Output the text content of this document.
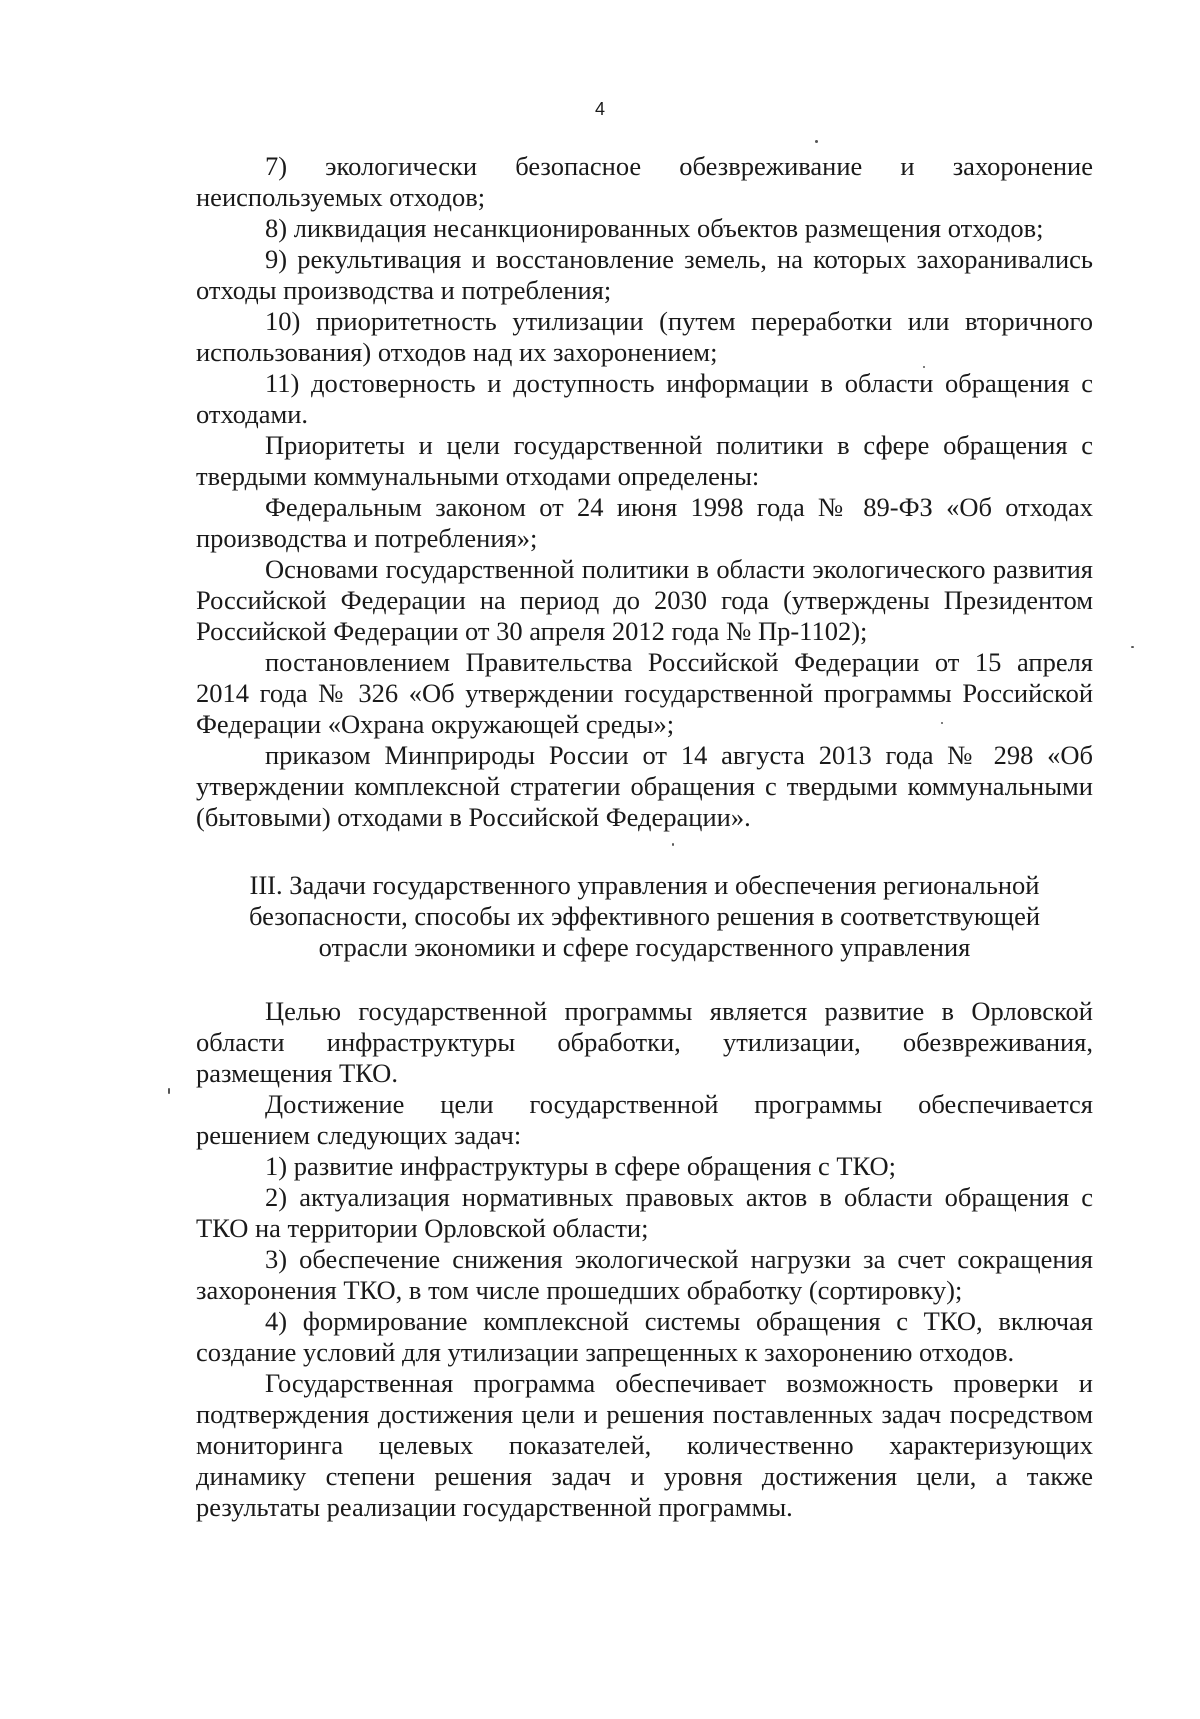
4

7) экологически безопасное обезвреживание и захоронение неиспользуемых отходов;

8) ликвидация несанкционированных объектов размещения отходов;

9) рекультивация и восстановление земель, на которых захоранивались отходы производства и потребления;

10) приоритетность утилизации (путем переработки или вторичного использования) отходов над их захоронением;

11) достоверность и доступность информации в области обращения с отходами.

Приоритеты и цели государственной политики в сфере обращения с твердыми коммунальными отходами определены:

Федеральным законом от 24 июня 1998 года № 89-ФЗ «Об отходах производства и потребления»;

Основами государственной политики в области экологического развития Российской Федерации на период до 2030 года (утверждены Президентом Российской Федерации от 30 апреля 2012 года № Пр-1102);

постановлением Правительства Российской Федерации от 15 апреля 2014 года № 326 «Об утверждении государственной программы Российской Федерации «Охрана окружающей среды»;

приказом Минприроды России от 14 августа 2013 года № 298 «Об утверждении комплексной стратегии обращения с твердыми коммунальными (бытовыми) отходами в Российской Федерации».

III. Задачи государственного управления и обеспечения региональной
безопасности, способы их эффективного решения в соответствующей
отрасли экономики и сфере государственного управления

Целью государственной программы является развитие в Орловской области инфраструктуры обработки, утилизации, обезвреживания, размещения ТКО.

Достижение цели государственной программы обеспечивается решением следующих задач:

1) развитие инфраструктуры в сфере обращения с ТКО;

2) актуализация нормативных правовых актов в области обращения с ТКО на территории Орловской области;

3) обеспечение снижения экологической нагрузки за счет сокращения захоронения ТКО, в том числе прошедших обработку (сортировку);

4) формирование комплексной системы обращения с ТКО, включая создание условий для утилизации запрещенных к захоронению отходов.

Государственная программа обеспечивает возможность проверки и подтверждения достижения цели и решения поставленных задач посредством мониторинга целевых показателей, количественно характеризующих динамику степени решения задач и уровня достижения цели, а также результаты реализации государственной программы.
